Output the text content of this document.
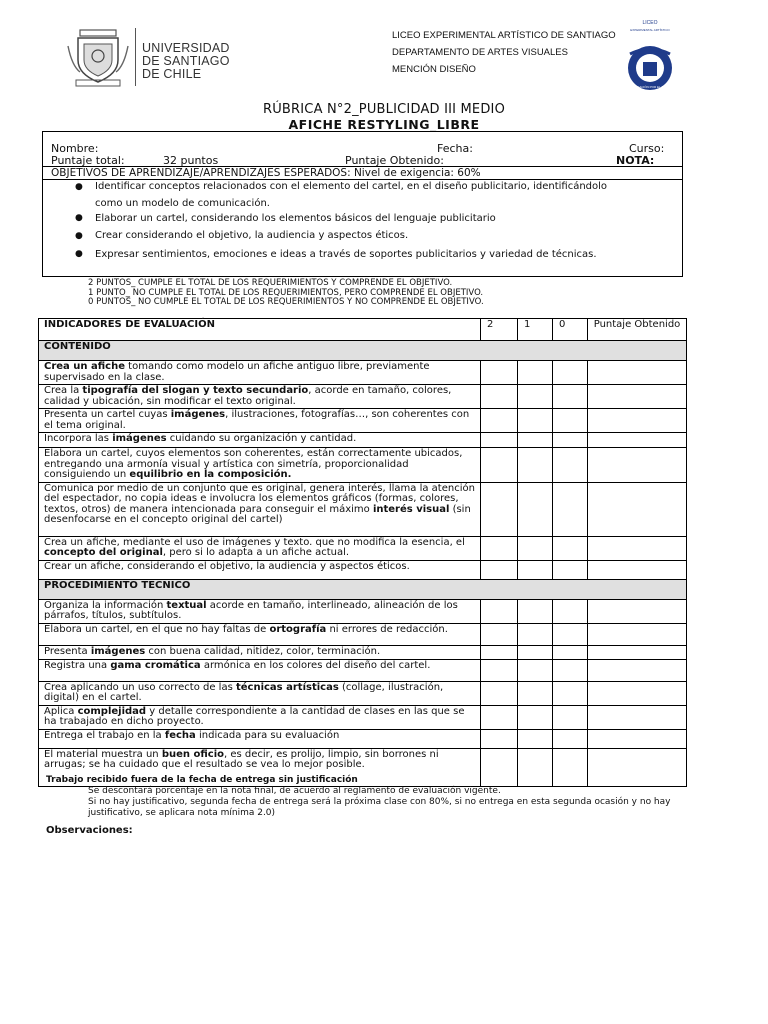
UNIVERSIDAD
DE SANTIAGO
DE CHILE
LICEO EXPERIMENTAL ARTÍSTICO DE SANTIAGO
DEPARTAMENTO DE ARTES VISUALES
MENCIÓN DISEÑO
LICEO
EXPERIMENTAL ARTÍSTICO
EDUCACIÓN POR EL ARTE
RÚBRICA N°2_PUBLICIDAD III MEDIO
AFICHE RESTYLING_LIBRE
Nombre:	Fecha:	Curso:
Puntaje total:	32 puntos	Puntaje Obtenido:	NOTA:
OBJETIVOS DE APRENDIZAJE/APRENDIZAJES ESPERADOS: Nivel de exigencia: 60%
● Identificar conceptos relacionados con el elemento del cartel, en el diseño publicitario, identificándolo
como un modelo de comunicación.
● Elaborar un cartel, considerando los elementos básicos del lenguaje publicitario
● Crear considerando el objetivo, la audiencia y aspectos éticos.
● Expresar sentimientos, emociones e ideas a través de soportes publicitarios y variedad de técnicas.
2 PUNTOS_ CUMPLE EL TOTAL DE LOS REQUERIMIENTOS Y COMPRENDE EL OBJETIVO.
1 PUNTO_ NO CUMPLE EL TOTAL DE LOS REQUERIMIENTOS, PERO COMPRENDE EL OBJETIVO.
0 PUNTOS_ NO CUMPLE EL TOTAL DE LOS REQUERIMIENTOS Y NO COMPRENDE EL OBJETIVO.
INDICADORES DE EVALUACIÓN	2	1	0	Puntaje Obtenido
CONTENIDO				
Crea un afiche tomando como modelo un afiche antiguo libre, previamente supervisado en la clase.				
Crea la tipografía del slogan y texto secundario, acorde en tamaño, colores, calidad y ubicación, sin modificar el texto original.				
Presenta un cartel cuyas imágenes, ilustraciones, fotografías…, son coherentes con el tema original.				
Incorpora las imágenes cuidando su organización y cantidad.				
Elabora un cartel, cuyos elementos son coherentes, están correctamente ubicados, entregando una armonía visual y artística con simetría, proporcionalidad consiguiendo un equilibrio en la composición.				
Comunica por medio de un conjunto que es original, genera interés, llama la atención del espectador, no copia ideas e involucra los elementos gráficos (formas, colores, textos, otros) de manera intencionada para conseguir el máximo interés visual (sin desenfocarse en el concepto original del cartel)				
Crea un afiche, mediante el uso de imágenes y texto. que no modifica la esencia, el concepto del original, pero si lo adapta a un afiche actual.				
Crear un afiche, considerando el objetivo, la audiencia y aspectos éticos.				
PROCEDIMIENTO TECNICO				
Organiza la información textual acorde en tamaño, interlineado, alineación de los párrafos, títulos, subtítulos.				
Elabora un cartel, en el que no hay faltas de ortografía ni errores de redacción.				
Presenta imágenes con buena calidad, nitidez, color, terminación.				
Registra una gama cromática armónica en los colores del diseño del cartel.				
Crea aplicando un uso correcto de las técnicas artísticas (collage, ilustración, digital) en el cartel.				
Aplica complejidad y detalle correspondiente a la cantidad de clases en las que se ha trabajado en dicho proyecto.				
Entrega el trabajo en la fecha indicada para su evaluación				
El material muestra un buen oficio, es decir, es prolijo, limpio, sin borrones ni arrugas; se ha cuidado que el resultado se vea lo mejor posible.				
Trabajo recibido fuera de la fecha de entrega sin justificación
Se descontará porcentaje en la nota final, de acuerdo al reglamento de evaluación vigente.
Si no hay justificativo, segunda fecha de entrega será la próxima clase con 80%, si no entrega en esta segunda ocasión y no hay justificativo, se aplicara nota mínima 2.0)
Observaciones:
